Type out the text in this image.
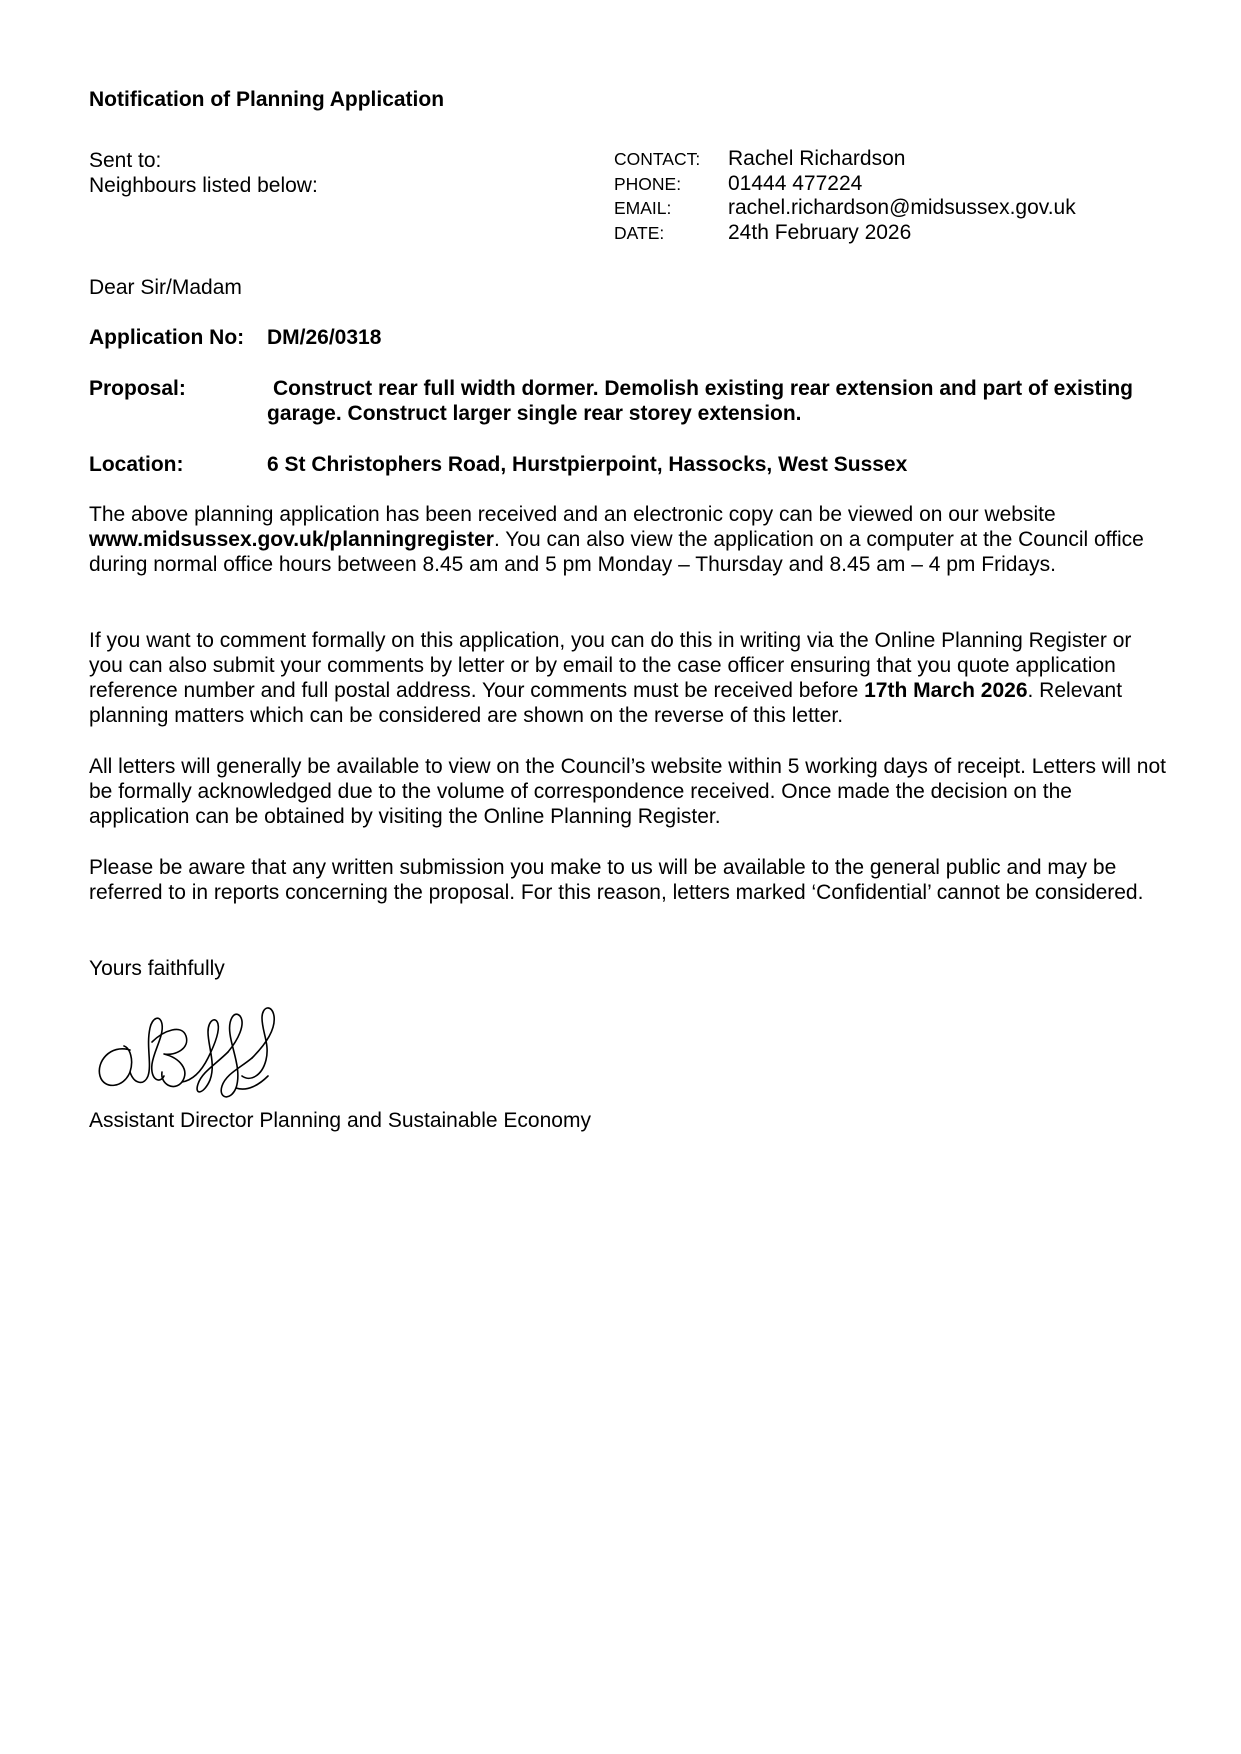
Notification of Planning Application
Sent to:
Neighbours listed below:
CONTACT:	Rachel Richardson
PHONE:	01444 477224
EMAIL:	rachel.richardson@midsussex.gov.uk
DATE:	24th February 2026
Dear Sir/Madam
Application No:	DM/26/0318
Proposal:	Construct rear full width dormer. Demolish existing rear extension and part of existing garage. Construct larger single rear storey extension.
Location:	6 St Christophers Road, Hurstpierpoint, Hassocks, West Sussex
The above planning application has been received and an electronic copy can be viewed on our website www.midsussex.gov.uk/planningregister. You can also view the application on a computer at the Council office during normal office hours between 8.45 am and 5 pm Monday – Thursday and 8.45 am – 4 pm Fridays.
If you want to comment formally on this application, you can do this in writing via the Online Planning Register or you can also submit your comments by letter or by email to the case officer ensuring that you quote application reference number and full postal address. Your comments must be received before 17th March 2026. Relevant planning matters which can be considered are shown on the reverse of this letter.
All letters will generally be available to view on the Council’s website within 5 working days of receipt. Letters will not be formally acknowledged due to the volume of correspondence received. Once made the decision on the application can be obtained by visiting the Online Planning Register.
Please be aware that any written submission you make to us will be available to the general public and may be referred to in reports concerning the proposal. For this reason, letters marked ‘Confidential’ cannot be considered.
Yours faithfully
Assistant Director Planning and Sustainable Economy
